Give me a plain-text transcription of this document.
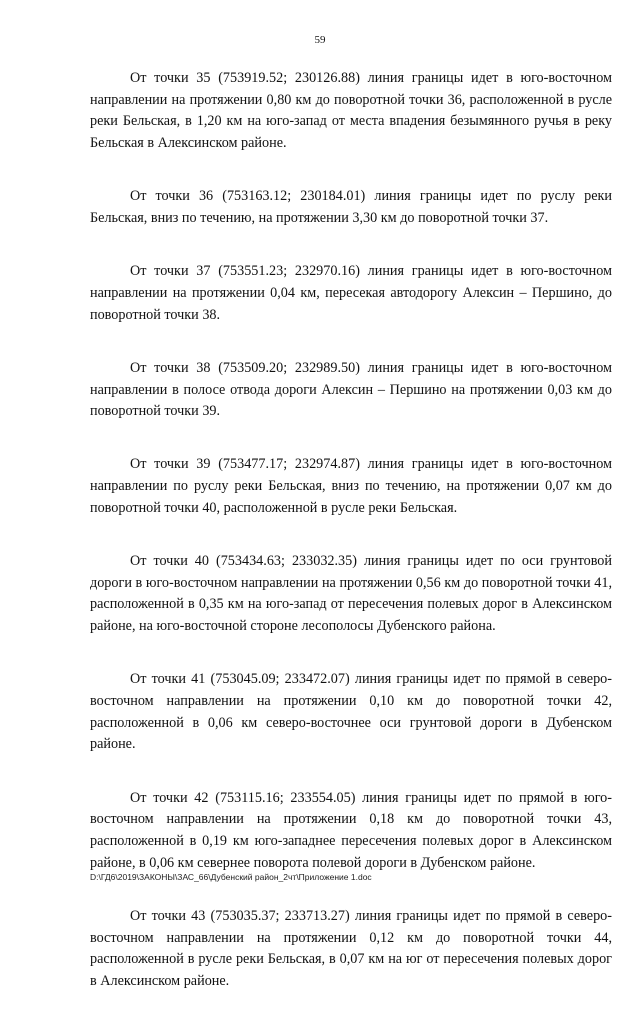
59

От точки 35 (753919.52; 230126.88) линия границы идет в юго-восточном направлении на протяжении 0,80 км до поворотной точки 36, расположенной в русле реки Бельская, в 1,20 км на юго-запад от места впадения безымянного ручья в реку Бельская в Алексинском районе.

От точки 36 (753163.12; 230184.01) линия границы идет по руслу реки Бельская, вниз по течению, на протяжении 3,30 км до поворотной точки 37.

От точки 37 (753551.23; 232970.16) линия границы идет в юго-восточном направлении на протяжении 0,04 км, пересекая автодорогу Алексин – Першино, до поворотной точки 38.

От точки 38 (753509.20; 232989.50) линия границы идет в юго-восточном направлении в полосе отвода дороги Алексин – Першино на протяжении 0,03 км до поворотной точки 39.

От точки 39 (753477.17; 232974.87) линия границы идет в юго-восточном направлении по руслу реки Бельская, вниз по течению, на протяжении 0,07 км до поворотной точки 40, расположенной в русле реки Бельская.

От точки 40 (753434.63; 233032.35) линия границы идет по оси грунтовой дороги в юго-восточном направлении на протяжении 0,56 км до поворотной точки 41, расположенной в 0,35 км на юго-запад от пересечения полевых дорог в Алексинском районе, на юго-восточной стороне лесополосы Дубенского района.

От точки 41 (753045.09; 233472.07) линия границы идет по прямой в северо-восточном направлении на протяжении 0,10 км до поворотной точки 42, расположенной в 0,06 км северо-восточнее оси грунтовой дороги в Дубенском районе.

От точки 42 (753115.16; 233554.05) линия границы идет по прямой в юго-восточном направлении на протяжении 0,18 км до поворотной точки 43, расположенной в 0,19 км юго-западнее пересечения полевых дорог в Алексинском районе, в 0,06 км севернее поворота полевой дороги в Дубенском районе.

От точки 43 (753035.37; 233713.27) линия границы идет по прямой в северо-восточном направлении на протяжении 0,12 км до поворотной точки 44, расположенной в русле реки Бельская, в 0,07 км на юг от пересечения полевых дорог в Алексинском районе.

D:\ГД6\2019\ЗАКОНЫ\ЗАС_66\Дубенский район_2чт\Приложение 1.doc
